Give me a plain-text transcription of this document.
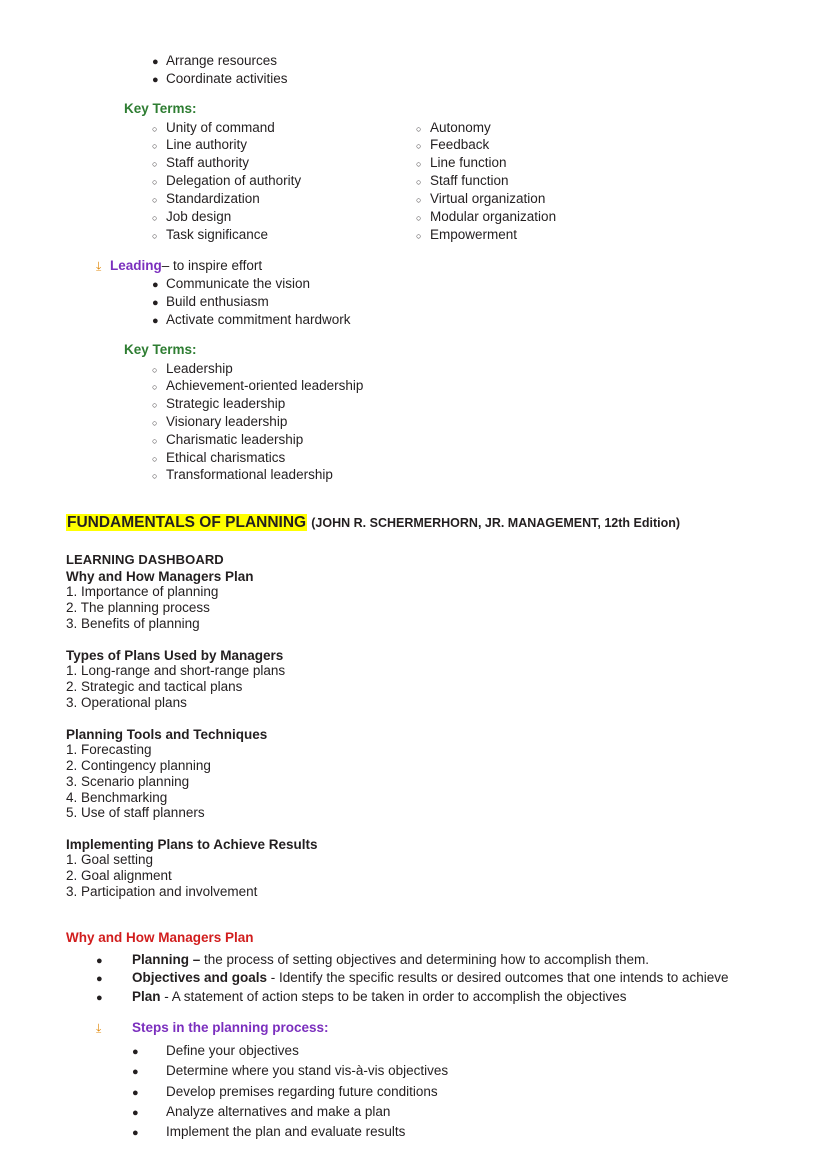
● Arrange resources
● Coordinate activities
Key Terms:
○ Unity of command
○ Line authority
○ Staff authority
○ Delegation of authority
○ Standardization
○ Job design
○ Task significance
○ Autonomy
○ Feedback
○ Line function
○ Staff function
○ Virtual organization
○ Modular organization
○ Empowerment
⤓ Leading – to inspire effort
● Communicate the vision
● Build enthusiasm
● Activate commitment hardwork
Key Terms:
○ Leadership
○ Achievement-oriented leadership
○ Strategic leadership
○ Visionary leadership
○ Charismatic leadership
○ Ethical charismatics
○ Transformational leadership
FUNDAMENTALS OF PLANNING (JOHN R. SCHERMERHORN, JR. MANAGEMENT, 12th Edition)
LEARNING DASHBOARD
Why and How Managers Plan
1. Importance of planning
2. The planning process
3. Benefits of planning
Types of Plans Used by Managers
1. Long-range and short-range plans
2. Strategic and tactical plans
3. Operational plans
Planning Tools and Techniques
1. Forecasting
2. Contingency planning
3. Scenario planning
4. Benchmarking
5. Use of staff planners
Implementing Plans to Achieve Results
1. Goal setting
2. Goal alignment
3. Participation and involvement
Why and How Managers Plan
●	Planning – the process of setting objectives and determining how to accomplish them.
●	Objectives and goals - Identify the specific results or desired outcomes that one intends to achieve
●	Plan - A statement of action steps to be taken in order to accomplish the objectives
⤓	Steps in the planning process:
●	Define your objectives
●	Determine where you stand vis-à-vis objectives
●	Develop premises regarding future conditions
●	Analyze alternatives and make a plan
●	Implement the plan and evaluate results
